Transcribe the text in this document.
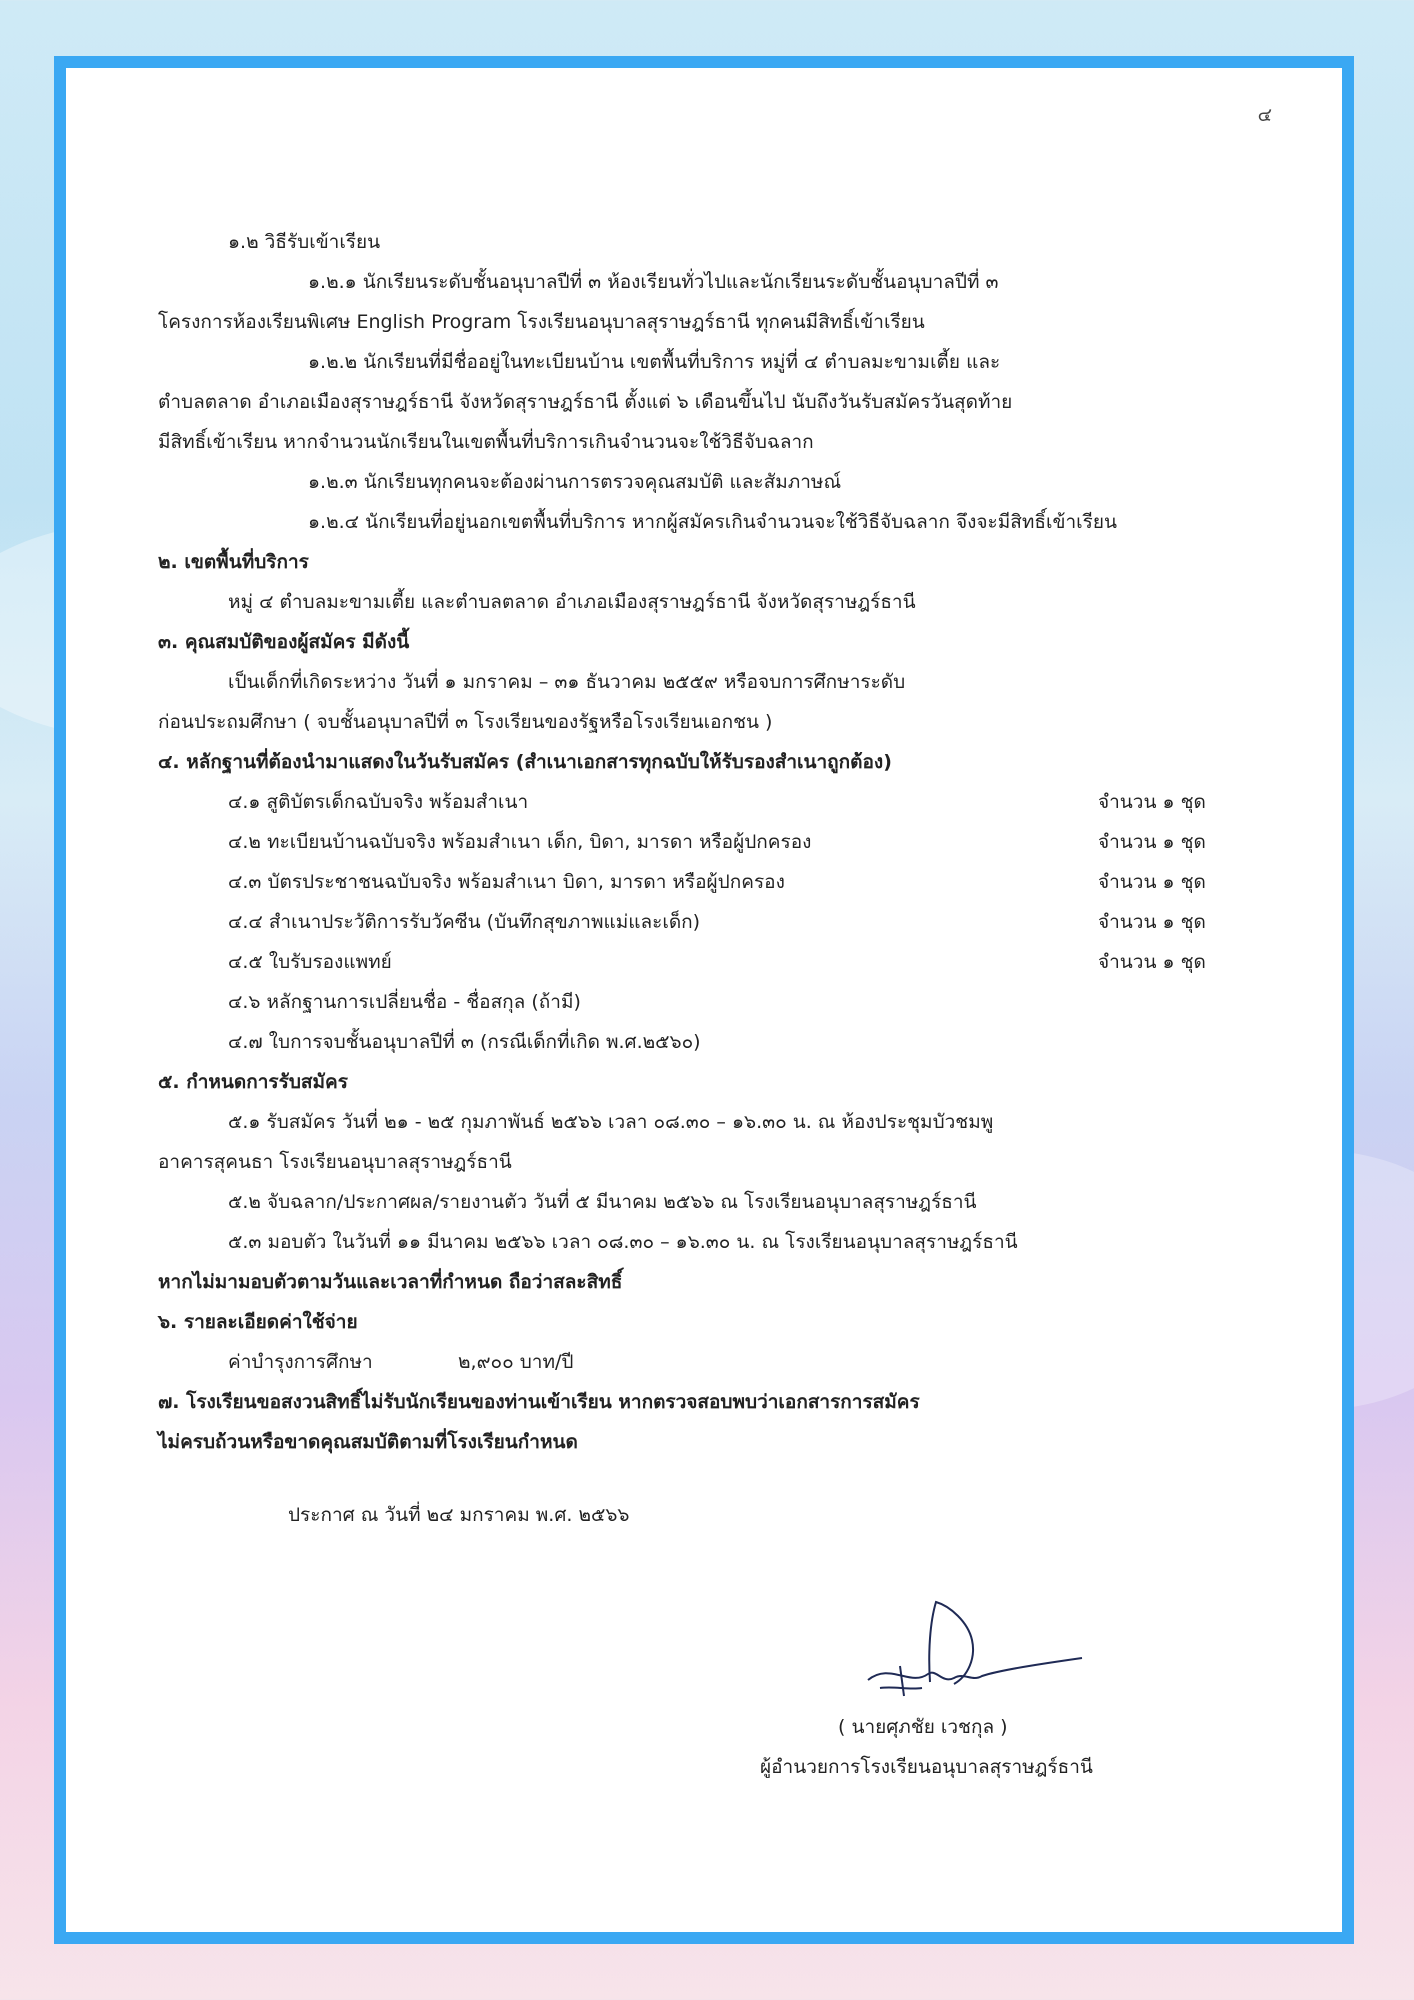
๔
๑.๒ วิธีรับเข้าเรียน
๑.๒.๑ นักเรียนระดับชั้นอนุบาลปีที่ ๓ ห้องเรียนทั่วไปและนักเรียนระดับชั้นอนุบาลปีที่ ๓
โครงการห้องเรียนพิเศษ English Program โรงเรียนอนุบาลสุราษฎร์ธานี ทุกคนมีสิทธิ์เข้าเรียน
๑.๒.๒ นักเรียนที่มีชื่ออยู่ในทะเบียนบ้าน เขตพื้นที่บริการ หมู่ที่ ๔ ตำบลมะขามเตี้ย และ
ตำบลตลาด อำเภอเมืองสุราษฎร์ธานี จังหวัดสุราษฎร์ธานี ตั้งแต่ ๖ เดือนขึ้นไป นับถึงวันรับสมัครวันสุดท้าย
มีสิทธิ์เข้าเรียน หากจำนวนนักเรียนในเขตพื้นที่บริการเกินจำนวนจะใช้วิธีจับฉลาก
๑.๒.๓ นักเรียนทุกคนจะต้องผ่านการตรวจคุณสมบัติ และสัมภาษณ์
๑.๒.๔ นักเรียนที่อยู่นอกเขตพื้นที่บริการ หากผู้สมัครเกินจำนวนจะใช้วิธีจับฉลาก จึงจะมีสิทธิ์เข้าเรียน
๒. เขตพื้นที่บริการ
หมู่ ๔ ตำบลมะขามเตี้ย และตำบลตลาด อำเภอเมืองสุราษฎร์ธานี จังหวัดสุราษฎร์ธานี
๓. คุณสมบัติของผู้สมัคร มีดังนี้
เป็นเด็กที่เกิดระหว่าง วันที่ ๑ มกราคม – ๓๑ ธันวาคม ๒๕๕๙ หรือจบการศึกษาระดับ
ก่อนประถมศึกษา ( จบชั้นอนุบาลปีที่ ๓ โรงเรียนของรัฐหรือโรงเรียนเอกชน )
๔. หลักฐานที่ต้องนำมาแสดงในวันรับสมัคร (สำเนาเอกสารทุกฉบับให้รับรองสำเนาถูกต้อง)
๔.๑ สูติบัตรเด็กฉบับจริง พร้อมสำเนา	จำนวน ๑ ชุด
๔.๒ ทะเบียนบ้านฉบับจริง พร้อมสำเนา เด็ก, บิดา, มารดา หรือผู้ปกครอง	จำนวน ๑ ชุด
๔.๓ บัตรประชาชนฉบับจริง พร้อมสำเนา บิดา, มารดา หรือผู้ปกครอง	จำนวน ๑ ชุด
๔.๔ สำเนาประวัติการรับวัคซีน (บันทึกสุขภาพแม่และเด็ก)	จำนวน ๑ ชุด
๔.๕ ใบรับรองแพทย์	จำนวน ๑ ชุด
๔.๖ หลักฐานการเปลี่ยนชื่อ - ชื่อสกุล (ถ้ามี)
๔.๗ ใบการจบชั้นอนุบาลปีที่ ๓ (กรณีเด็กที่เกิด พ.ศ.๒๕๖๐)
๕. กำหนดการรับสมัคร
๕.๑ รับสมัคร วันที่ ๒๑ - ๒๕ กุมภาพันธ์ ๒๕๖๖ เวลา ๐๘.๓๐ – ๑๖.๓๐ น. ณ ห้องประชุมบัวชมพู
อาคารสุคนธา โรงเรียนอนุบาลสุราษฎร์ธานี
๕.๒ จับฉลาก/ประกาศผล/รายงานตัว วันที่ ๕ มีนาคม ๒๕๖๖ ณ โรงเรียนอนุบาลสุราษฎร์ธานี
๕.๓ มอบตัว ในวันที่ ๑๑ มีนาคม ๒๕๖๖ เวลา ๐๘.๓๐ – ๑๖.๓๐ น. ณ โรงเรียนอนุบาลสุราษฎร์ธานี
หากไม่มามอบตัวตามวันและเวลาที่กำหนด ถือว่าสละสิทธิ์
๖. รายละเอียดค่าใช้จ่าย
ค่าบำรุงการศึกษา	๒,๙๐๐ บาท/ปี
๗. โรงเรียนขอสงวนสิทธิ์ไม่รับนักเรียนของท่านเข้าเรียน หากตรวจสอบพบว่าเอกสารการสมัคร
ไม่ครบถ้วนหรือขาดคุณสมบัติตามที่โรงเรียนกำหนด
ประกาศ ณ วันที่ ๒๔ มกราคม พ.ศ. ๒๕๖๖
( นายศุภชัย เวชกุล )
ผู้อำนวยการโรงเรียนอนุบาลสุราษฎร์ธานี
